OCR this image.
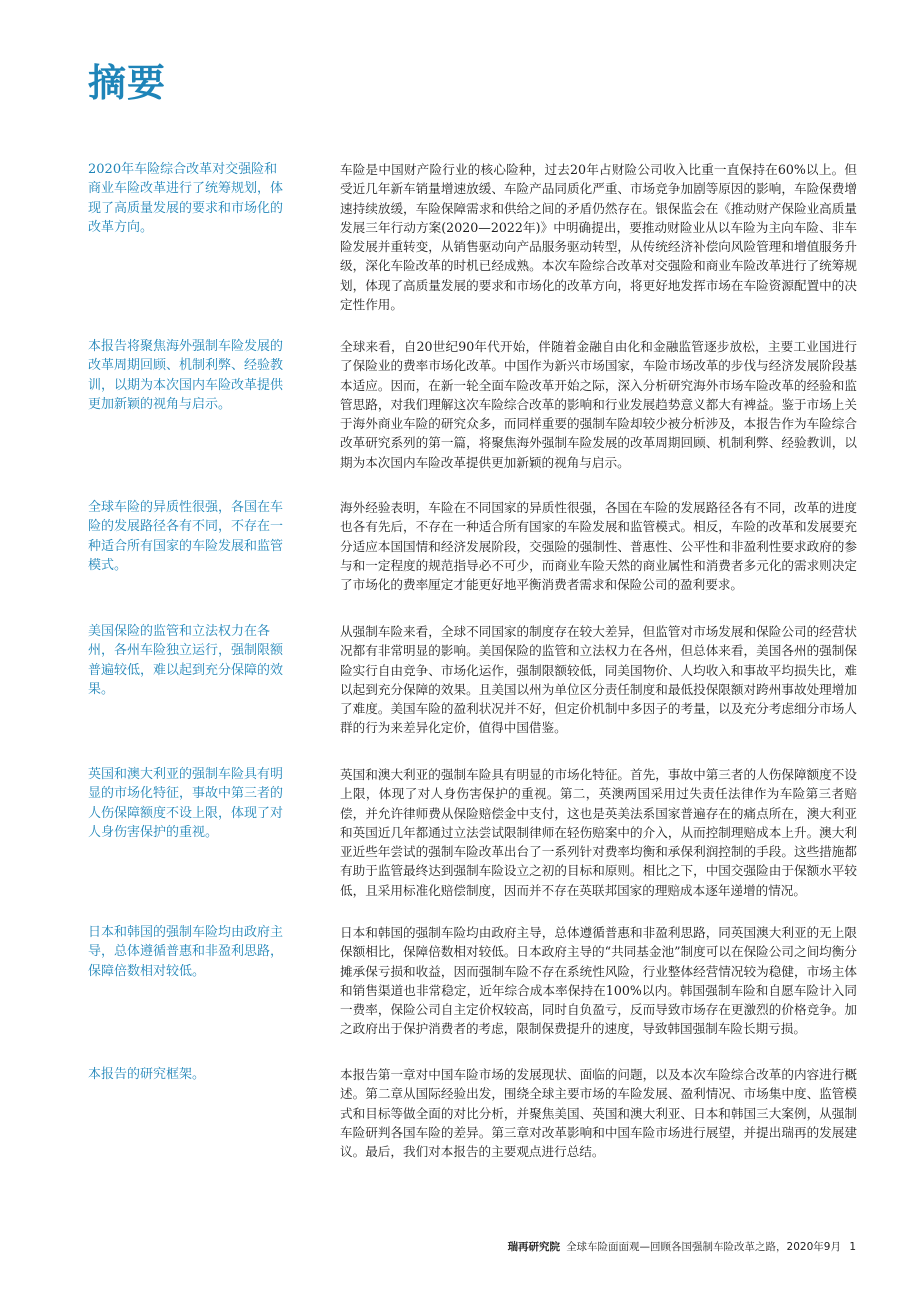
摘要

2020年车险综合改革对交强险和商业车险改革进行了统筹规划，体现了高质量发展的要求和市场化的改革方向。

车险是中国财产险行业的核心险种，过去20年占财险公司收入比重一直保持在60%以上。但受近几年新车销量增速放缓、车险产品同质化严重、市场竞争加剧等原因的影响，车险保费增速持续放缓，车险保障需求和供给之间的矛盾仍然存在。银保监会在《推动财产保险业高质量发展三年行动方案(2020—2022年)》中明确提出，要推动财险业从以车险为主向车险、非车险发展并重转变，从销售驱动向产品服务驱动转型，从传统经济补偿向风险管理和增值服务升级，深化车险改革的时机已经成熟。本次车险综合改革对交强险和商业车险改革进行了统筹规划，体现了高质量发展的要求和市场化的改革方向，将更好地发挥市场在车险资源配置中的决定性作用。

本报告将聚焦海外强制车险发展的改革周期回顾、机制利弊、经验教训，以期为本次国内车险改革提供更加新颖的视角与启示。

全球来看，自20世纪90年代开始，伴随着金融自由化和金融监管逐步放松，主要工业国进行了保险业的费率市场化改革。中国作为新兴市场国家，车险市场改革的步伐与经济发展阶段基本适应。因而，在新一轮全面车险改革开始之际，深入分析研究海外市场车险改革的经验和监管思路，对我们理解这次车险综合改革的影响和行业发展趋势意义都大有裨益。鉴于市场上关于海外商业车险的研究众多，而同样重要的强制车险却较少被分析涉及，本报告作为车险综合改革研究系列的第一篇，将聚焦海外强制车险发展的改革周期回顾、机制利弊、经验教训，以期为本次国内车险改革提供更加新颖的视角与启示。

全球车险的异质性很强，各国在车险的发展路径各有不同，不存在一种适合所有国家的车险发展和监管模式。

海外经验表明，车险在不同国家的异质性很强，各国在车险的发展路径各有不同，改革的进度也各有先后，不存在一种适合所有国家的车险发展和监管模式。相反，车险的改革和发展要充分适应本国国情和经济发展阶段，交强险的强制性、普惠性、公平性和非盈利性要求政府的参与和一定程度的规范指导必不可少，而商业车险天然的商业属性和消费者多元化的需求则决定了市场化的费率厘定才能更好地平衡消费者需求和保险公司的盈利要求。

美国保险的监管和立法权力在各州，各州车险独立运行，强制限额普遍较低，难以起到充分保障的效果。

从强制车险来看，全球不同国家的制度存在较大差异，但监管对市场发展和保险公司的经营状况都有非常明显的影响。美国保险的监管和立法权力在各州，但总体来看，美国各州的强制保险实行自由竞争、市场化运作，强制限额较低，同美国物价、人均收入和事故平均损失比，难以起到充分保障的效果。且美国以州为单位区分责任制度和最低投保限额对跨州事故处理增加了难度。美国车险的盈利状况并不好，但定价机制中多因子的考量，以及充分考虑细分市场人群的行为来差异化定价，值得中国借鉴。

英国和澳大利亚的强制车险具有明显的市场化特征，事故中第三者的人伤保障额度不设上限，体现了对人身伤害保护的重视。

英国和澳大利亚的强制车险具有明显的市场化特征。首先，事故中第三者的人伤保障额度不设上限，体现了对人身伤害保护的重视。第二，英澳两国采用过失责任法律作为车险第三者赔偿，并允许律师费从保险赔偿金中支付，这也是英美法系国家普遍存在的痛点所在，澳大利亚和英国近几年都通过立法尝试限制律师在轻伤赔案中的介入，从而控制理赔成本上升。澳大利亚近些年尝试的强制车险改革出台了一系列针对费率均衡和承保利润控制的手段。这些措施都有助于监管最终达到强制车险设立之初的目标和原则。相比之下，中国交强险由于保额水平较低，且采用标准化赔偿制度，因而并不存在英联邦国家的理赔成本逐年递增的情况。

日本和韩国的强制车险均由政府主导，总体遵循普惠和非盈利思路，保障倍数相对较低。

日本和韩国的强制车险均由政府主导，总体遵循普惠和非盈利思路，同英国澳大利亚的无上限保额相比，保障倍数相对较低。日本政府主导的“共同基金池”制度可以在保险公司之间均衡分摊承保亏损和收益，因而强制车险不存在系统性风险，行业整体经营情况较为稳健，市场主体和销售渠道也非常稳定，近年综合成本率保持在100%以内。韩国强制车险和自愿车险计入同一费率，保险公司自主定价权较高，同时自负盈亏，反而导致市场存在更激烈的价格竞争。加之政府出于保护消费者的考虑，限制保费提升的速度，导致韩国强制车险长期亏损。

本报告的研究框架。	本报告第一章对中国车险市场的发展现状、面临的问题，以及本次车险综合改革的内容进行概述。第二章从国际经验出发，围绕全球主要市场的车险发展、盈利情况、市场集中度、监管模式和目标等做全面的对比分析，并聚焦美国、英国和澳大利亚、日本和韩国三大案例，从强制车险研判各国车险的差异。第三章对改革影响和中国车险市场进行展望，并提出瑞再的发展建议。最后，我们对本报告的主要观点进行总结。

瑞再研究院 全球车险面面观—回顾各国强制车险改革之路，2020年9月 1
